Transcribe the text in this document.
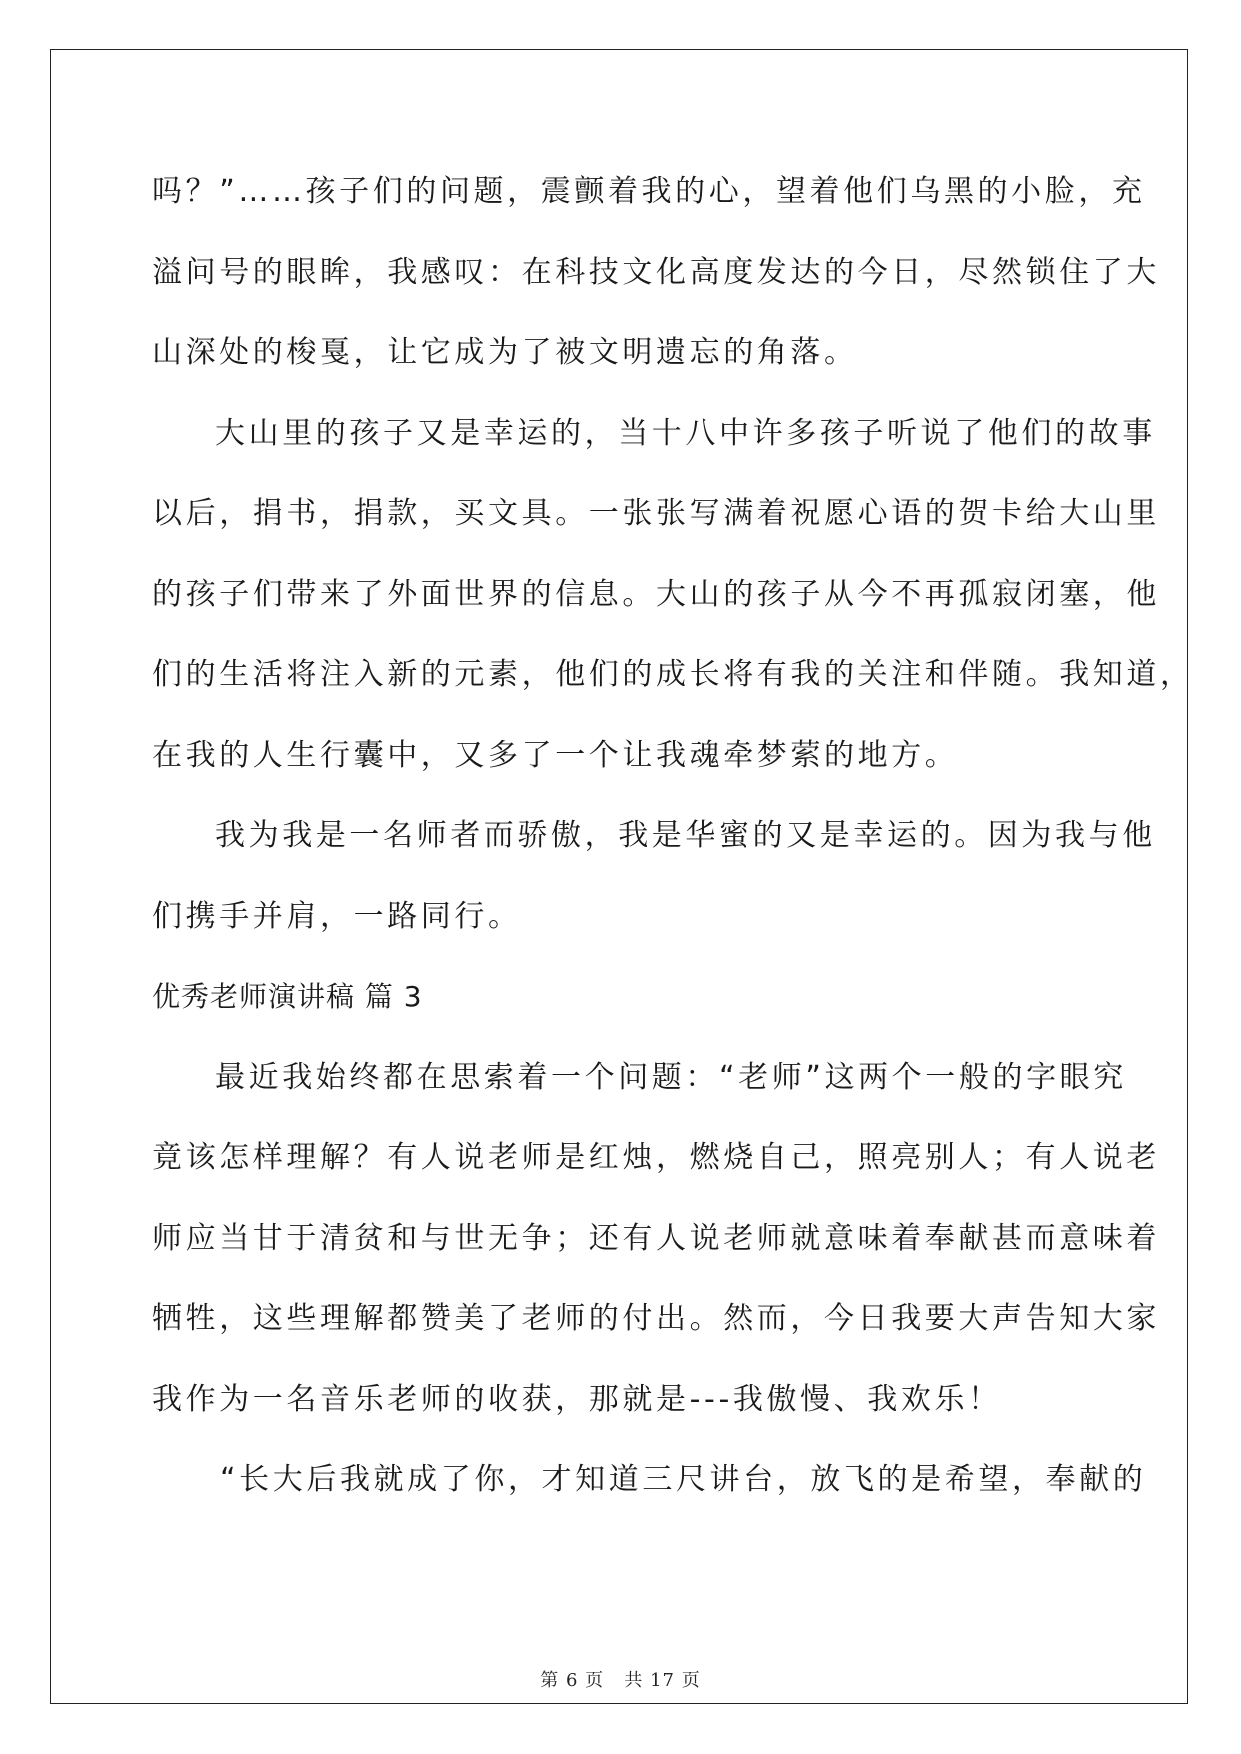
吗？”……孩子们的问题，震颤着我的心，望着他们乌黑的小脸，充
溢问号的眼眸，我感叹：在科技文化高度发达的今日，尽然锁住了大
山深处的梭戛，让它成为了被文明遗忘的角落。
大山里的孩子又是幸运的，当十八中许多孩子听说了他们的故事
以后，捐书，捐款，买文具。一张张写满着祝愿心语的贺卡给大山里
的孩子们带来了外面世界的信息。大山的孩子从今不再孤寂闭塞，他
们的生活将注入新的元素，他们的成长将有我的关注和伴随。我知道，
在我的人生行囊中，又多了一个让我魂牵梦萦的地方。
我为我是一名师者而骄傲，我是华蜜的又是幸运的。因为我与他
们携手并肩，一路同行。
优秀老师演讲稿 篇 3
最近我始终都在思索着一个问题：“老师”这两个一般的字眼究
竟该怎样理解？有人说老师是红烛，燃烧自己，照亮别人；有人说老
师应当甘于清贫和与世无争；还有人说老师就意味着奉献甚而意味着
牺牲，这些理解都赞美了老师的付出。然而，今日我要大声告知大家
我作为一名音乐老师的收获，那就是---我傲慢、我欢乐！
“长大后我就成了你，才知道三尺讲台，放飞的是希望，奉献的
第 6 页   共 17 页
